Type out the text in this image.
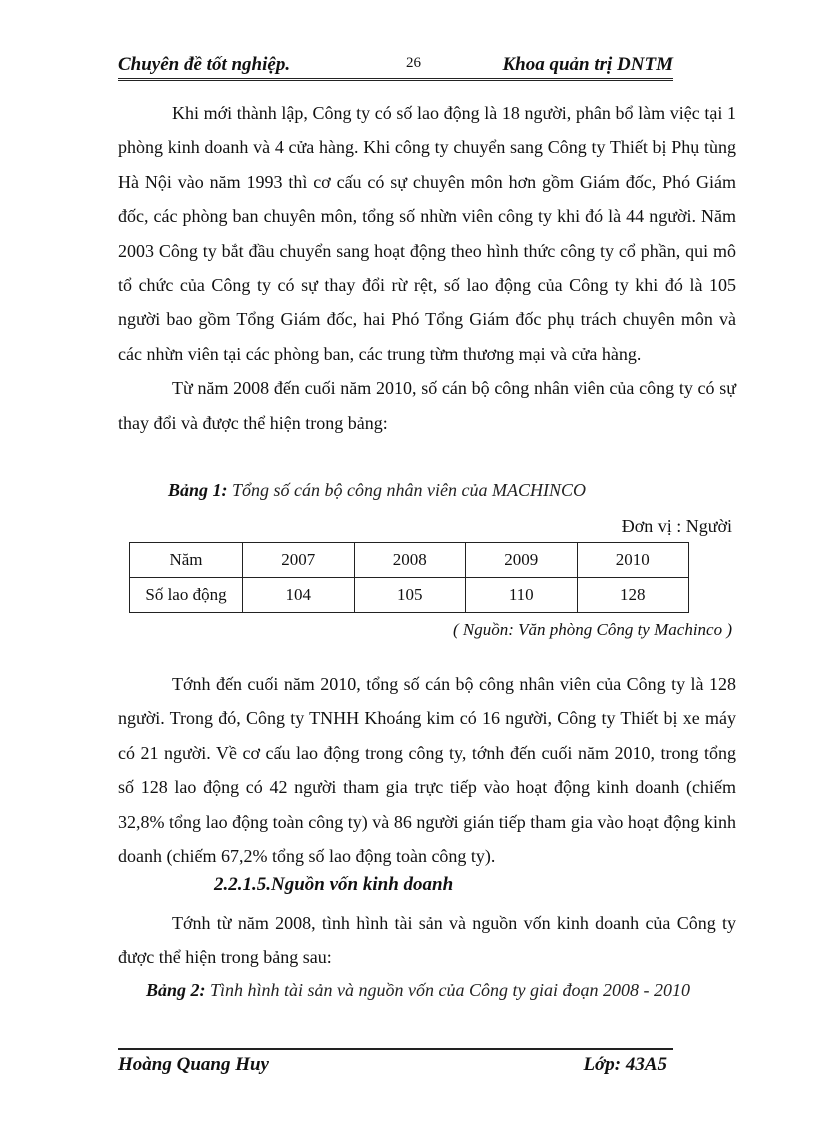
Chuyên đề tốt nghiệp.	26	Khoa quản trị DNTM

Khi mới thành lập, Công ty có số lao động là 18 người, phân bổ làm việc tại 1 phòng kinh doanh và 4 cửa hàng. Khi công ty chuyển sang Công ty Thiết bị Phụ tùng Hà Nội vào năm 1993 thì cơ cấu có sự chuyên môn hơn gồm Giám đốc, Phó Giám đốc, các phòng ban chuyên môn, tổng số nhừn viên công ty khi đó là 44 người. Năm 2003 Công ty bắt đầu chuyển sang hoạt động theo hình thức công ty cổ phần, qui mô tổ chức của Công ty có sự thay đổi rừ rệt, số lao động của Công ty khi đó là 105 người bao gồm Tổng Giám đốc, hai Phó Tổng Giám đốc phụ trách chuyên môn và các nhừn viên tại các phòng ban, các trung từm thương mại và cửa hàng.

Từ năm 2008 đến cuối năm 2010, số cán bộ công nhân viên của công ty có sự thay đổi và được thể hiện trong bảng:

Bảng 1: Tổng số cán bộ công nhân viên của MACHINCO
Đơn vị : Người
Năm	2007	2008	2009	2010
Số lao động	104	105	110	128
( Nguồn: Văn phòng Công ty Machinco )

Tớnh đến cuối năm 2010, tổng số cán bộ công nhân viên của Công ty là 128 người. Trong đó, Công ty TNHH Khoáng kim có 16 người, Công ty Thiết bị xe máy có 21 người. Về cơ cấu lao động trong công ty, tớnh đến cuối năm 2010, trong tổng số 128 lao động có 42 người tham gia trực tiếp vào hoạt động kinh doanh (chiếm 32,8% tổng lao động toàn công ty) và 86 người gián tiếp tham gia vào hoạt động kinh doanh (chiếm 67,2% tổng số lao động toàn công ty).

2.2.1.5.Nguồn vốn kinh doanh

Tớnh từ năm 2008, tình hình tài sản và nguồn vốn kinh doanh của Công ty được thể hiện trong bảng sau:

Bảng 2: Tình hình tài sản và nguồn vốn của Công ty giai đoạn 2008 - 2010
Hoàng Quang Huy	Lớp: 43A5
